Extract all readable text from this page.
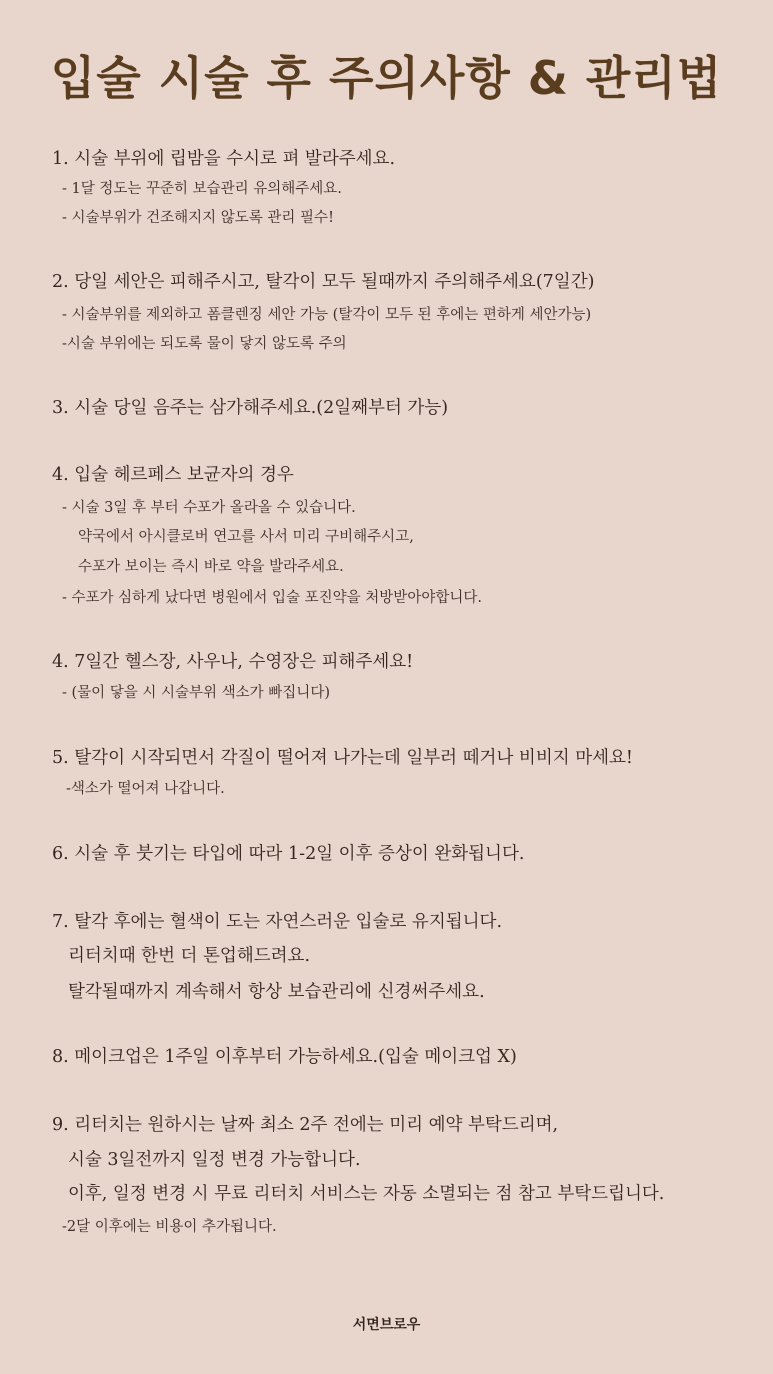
입술 시술 후 주의사항 & 관리법
1. 시술 부위에 립밤을 수시로 펴 발라주세요.
- 1달 정도는 꾸준히 보습관리 유의해주세요.
- 시술부위가 건조해지지 않도록 관리 필수!
2. 당일 세안은 피해주시고, 탈각이 모두 될때까지 주의해주세요(7일간)
- 시술부위를 제외하고 폼클렌징 세안 가능 (탈각이 모두 된 후에는 편하게 세안가능)
-시술 부위에는 되도록 물이 닿지 않도록 주의
3. 시술 당일 음주는 삼가해주세요.(2일째부터 가능)
4. 입술 헤르페스 보균자의 경우
- 시술 3일 후 부터 수포가 올라올 수 있습니다.
약국에서 아시클로버 연고를 사서 미리 구비해주시고,
수포가 보이는 즉시 바로 약을 발라주세요.
- 수포가 심하게 났다면 병원에서 입술 포진약을 처방받아야합니다.
4. 7일간 헬스장, 사우나, 수영장은 피해주세요!
- (물이 닿을 시 시술부위 색소가 빠집니다)
5. 탈각이 시작되면서 각질이 떨어져 나가는데 일부러 떼거나 비비지 마세요!
-색소가 떨어져 나갑니다.
6. 시술 후 붓기는 타입에 따라 1-2일 이후 증상이 완화됩니다.
7. 탈각 후에는 혈색이 도는 자연스러운 입술로 유지됩니다.
리터치때 한번 더 톤업해드려요.
탈각될때까지 계속해서 항상 보습관리에 신경써주세요.
8. 메이크업은 1주일 이후부터 가능하세요.(입술 메이크업 X)
9. 리터치는 원하시는 날짜 최소 2주 전에는 미리 예약 부탁드리며,
시술 3일전까지 일정 변경 가능합니다.
이후, 일정 변경 시 무료 리터치 서비스는 자동 소멸되는 점 참고 부탁드립니다.
-2달 이후에는 비용이 추가됩니다.
서면브로우
